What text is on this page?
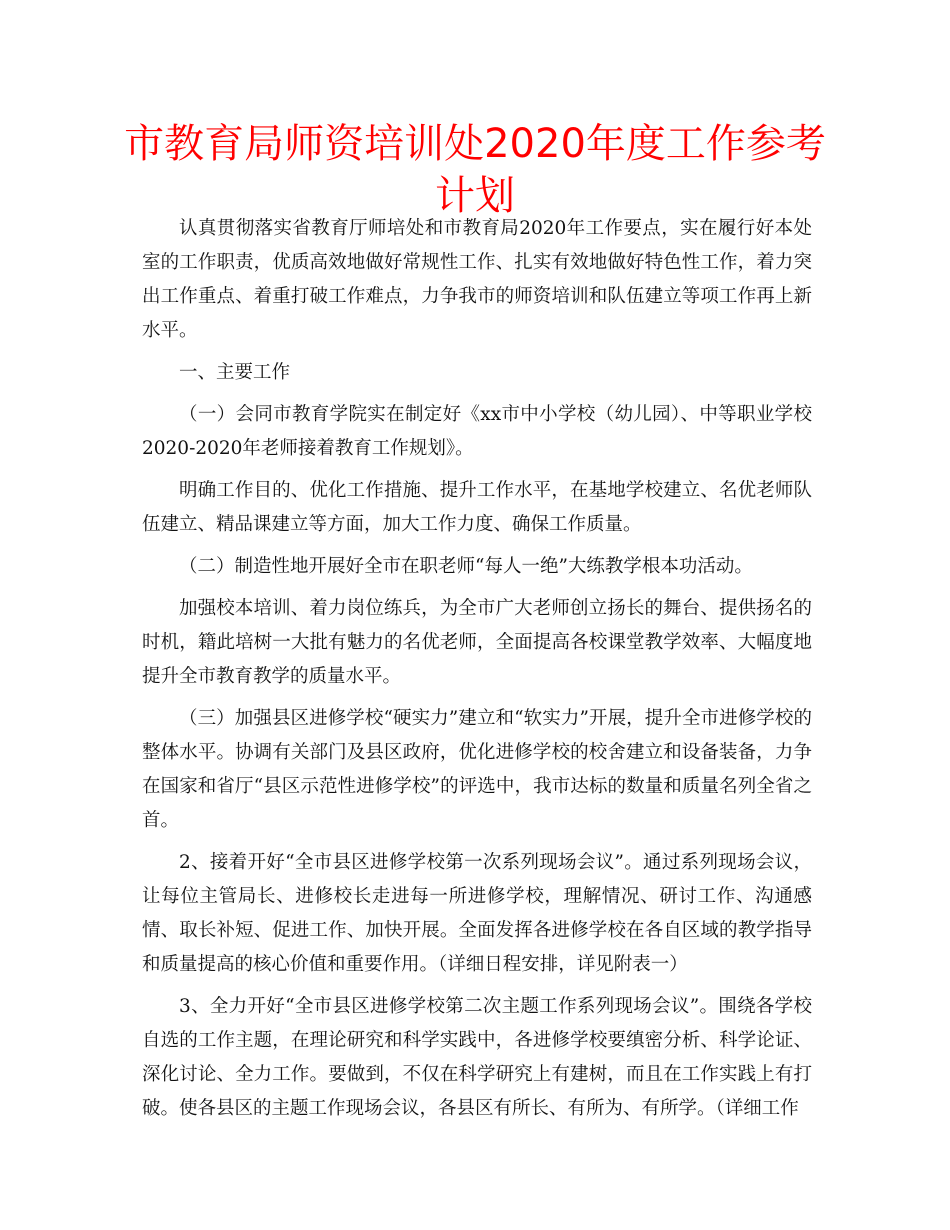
市教育局师资培训处2020年度工作参考计划

认真贯彻落实省教育厅师培处和市教育局2020年工作要点，实在履行好本处室的工作职责，优质高效地做好常规性工作、扎实有效地做好特色性工作，着力突出工作重点、着重打破工作难点，力争我市的师资培训和队伍建立等项工作再上新水平。

一、主要工作

（一）会同市教育学院实在制定好《xx市中小学校（幼儿园）、中等职业学校2020-2020年老师接着教育工作规划》。

明确工作目的、优化工作措施、提升工作水平，在基地学校建立、名优老师队伍建立、精品课建立等方面，加大工作力度、确保工作质量。

（二）制造性地开展好全市在职老师“每人一绝”大练教学根本功活动。

加强校本培训、着力岗位练兵，为全市广大老师创立扬长的舞台、提供扬名的时机，籍此培树一大批有魅力的名优老师，全面提高各校课堂教学效率、大幅度地提升全市教育教学的质量水平。

（三）加强县区进修学校“硬实力”建立和“软实力”开展，提升全市进修学校的整体水平。协调有关部门及县区政府，优化进修学校的校舍建立和设备装备，力争在国家和省厅“县区示范性进修学校”的评选中，我市达标的数量和质量名列全省之首。

2、接着开好“全市县区进修学校第一次系列现场会议”。通过系列现场会议，让每位主管局长、进修校长走进每一所进修学校，理解情况、研讨工作、沟通感情、取长补短、促进工作、加快开展。全面发挥各进修学校在各自区域的教学指导和质量提高的核心价值和重要作用。（详细日程安排，详见附表一）

3、全力开好“全市县区进修学校第二次主题工作系列现场会议”。围绕各学校自选的工作主题，在理论研究和科学实践中，各进修学校要缜密分析、科学论证、深化讨论、全力工作。要做到，不仅在科学研究上有建树，而且在工作实践上有打破。使各县区的主题工作现场会议，各县区有所长、有所为、有所学。（详细工作
